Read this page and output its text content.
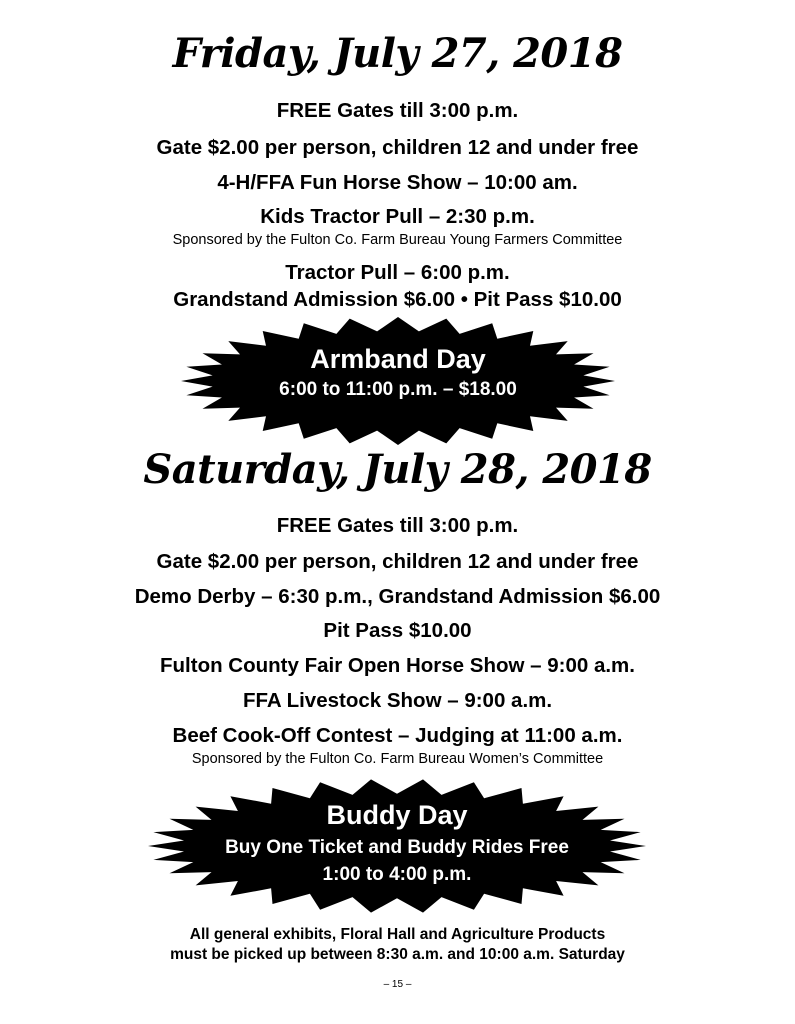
Friday, July 27, 2018
FREE Gates till 3:00 p.m.
Gate $2.00 per person, children 12 and under free
4-H/FFA Fun Horse Show – 10:00 am.
Kids Tractor Pull – 2:30 p.m.
Sponsored by the Fulton Co. Farm Bureau Young Farmers Committee
Tractor Pull – 6:00 p.m.
Grandstand Admission $6.00 • Pit Pass $10.00
Armband Day
6:00 to 11:00 p.m. – $18.00
Saturday, July 28, 2018
FREE Gates till 3:00 p.m.
Gate $2.00 per person, children 12 and under free
Demo Derby – 6:30 p.m., Grandstand Admission $6.00
Pit Pass $10.00
Fulton County Fair Open Horse Show – 9:00 a.m.
FFA Livestock Show – 9:00 a.m.
Beef Cook-Off Contest – Judging at 11:00 a.m.
Sponsored by the Fulton Co. Farm Bureau Women’s Committee
Buddy Day
Buy One Ticket and Buddy Rides Free
1:00 to 4:00 p.m.
All general exhibits, Floral Hall and Agriculture Products
must be picked up between 8:30 a.m. and 10:00 a.m. Saturday
– 15 –
